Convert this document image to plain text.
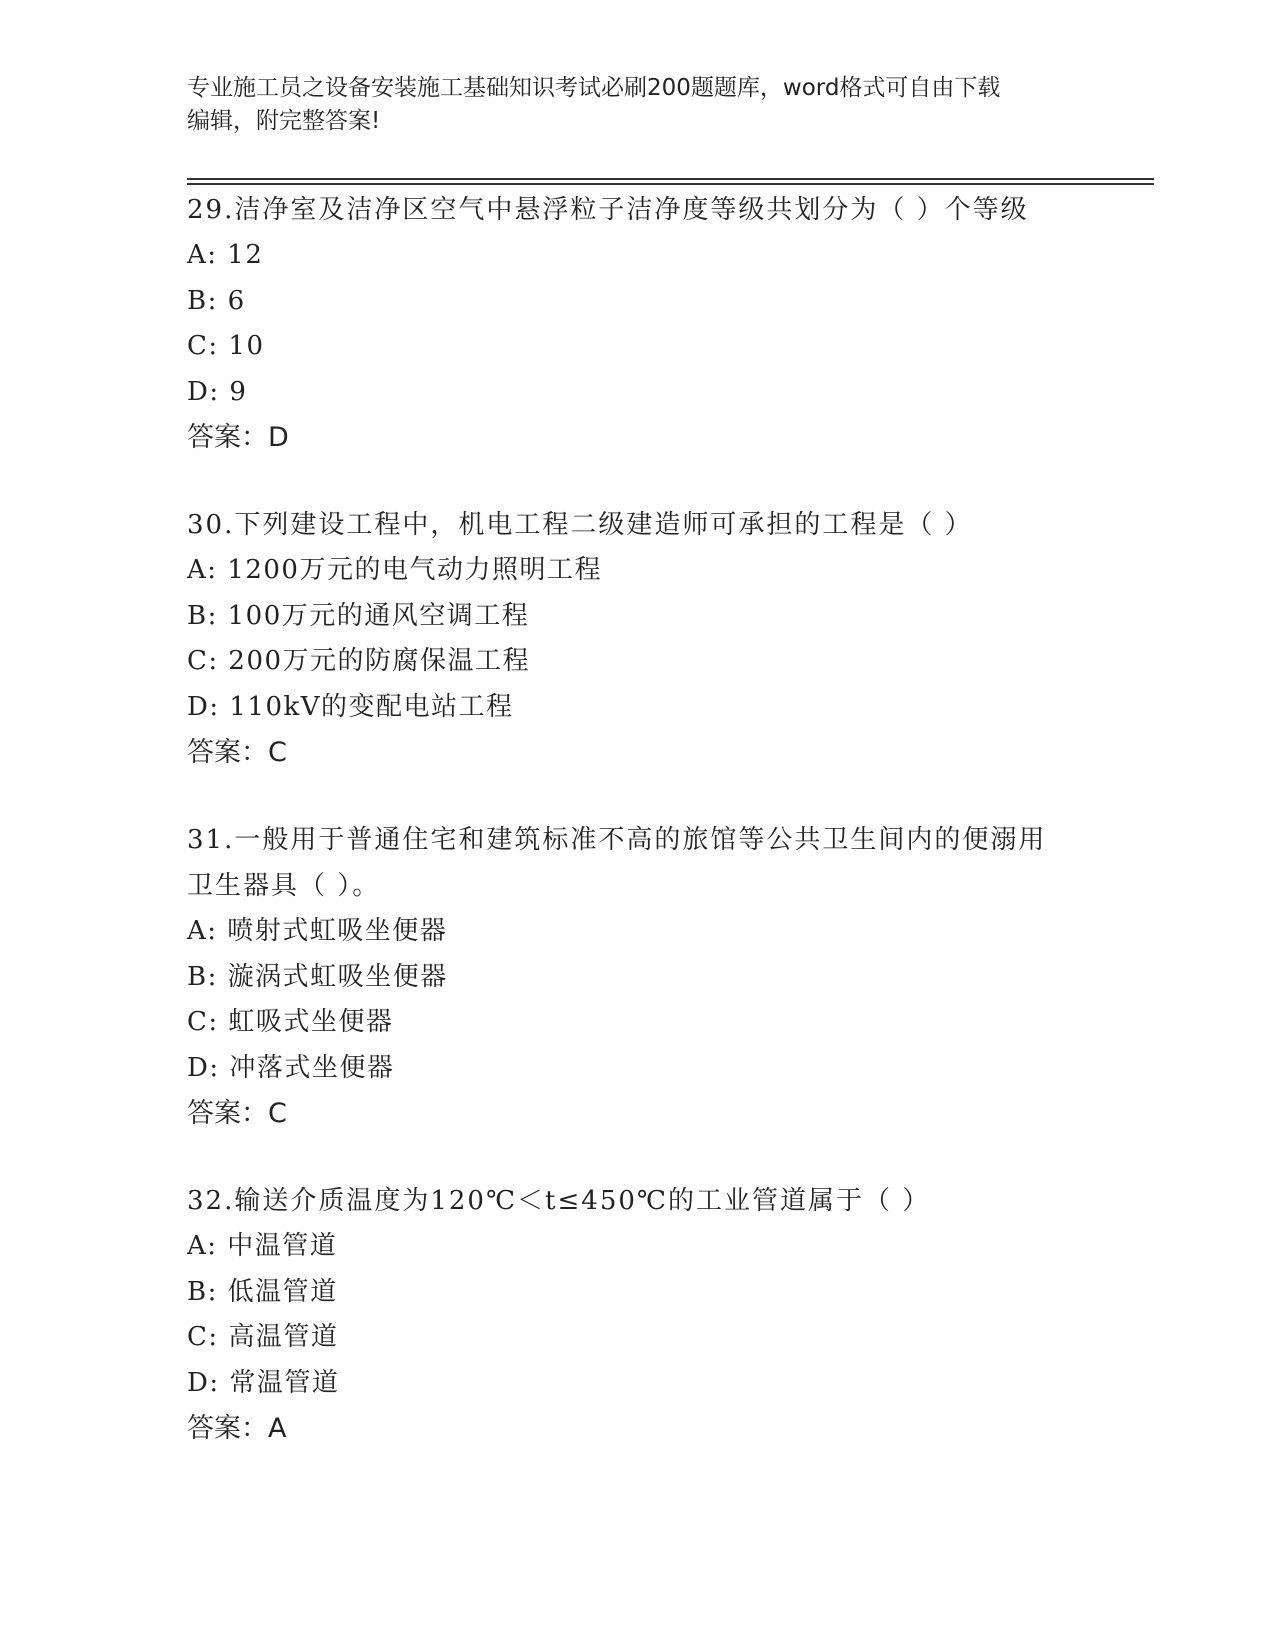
专业施工员之设备安装施工基础知识考试必刷200题题库，word格式可自由下载
编辑，附完整答案!
29.洁净室及洁净区空气中悬浮粒子洁净度等级共划分为（ ）个等级
A: 12
B: 6
C: 10
D: 9
答案：D
30.下列建设工程中，机电工程二级建造师可承担的工程是（ ）
A: 1200万元的电气动力照明工程
B: 100万元的通风空调工程
C: 200万元的防腐保温工程
D: 110kV的变配电站工程
答案：C
31.一般用于普通住宅和建筑标准不高的旅馆等公共卫生间内的便溺用
卫生器具（ ）。
A: 喷射式虹吸坐便器
B: 漩涡式虹吸坐便器
C: 虹吸式坐便器
D: 冲落式坐便器
答案：C
32.输送介质温度为120℃＜t≤450℃的工业管道属于（ ）
A: 中温管道
B: 低温管道
C: 高温管道
D: 常温管道
答案：A
